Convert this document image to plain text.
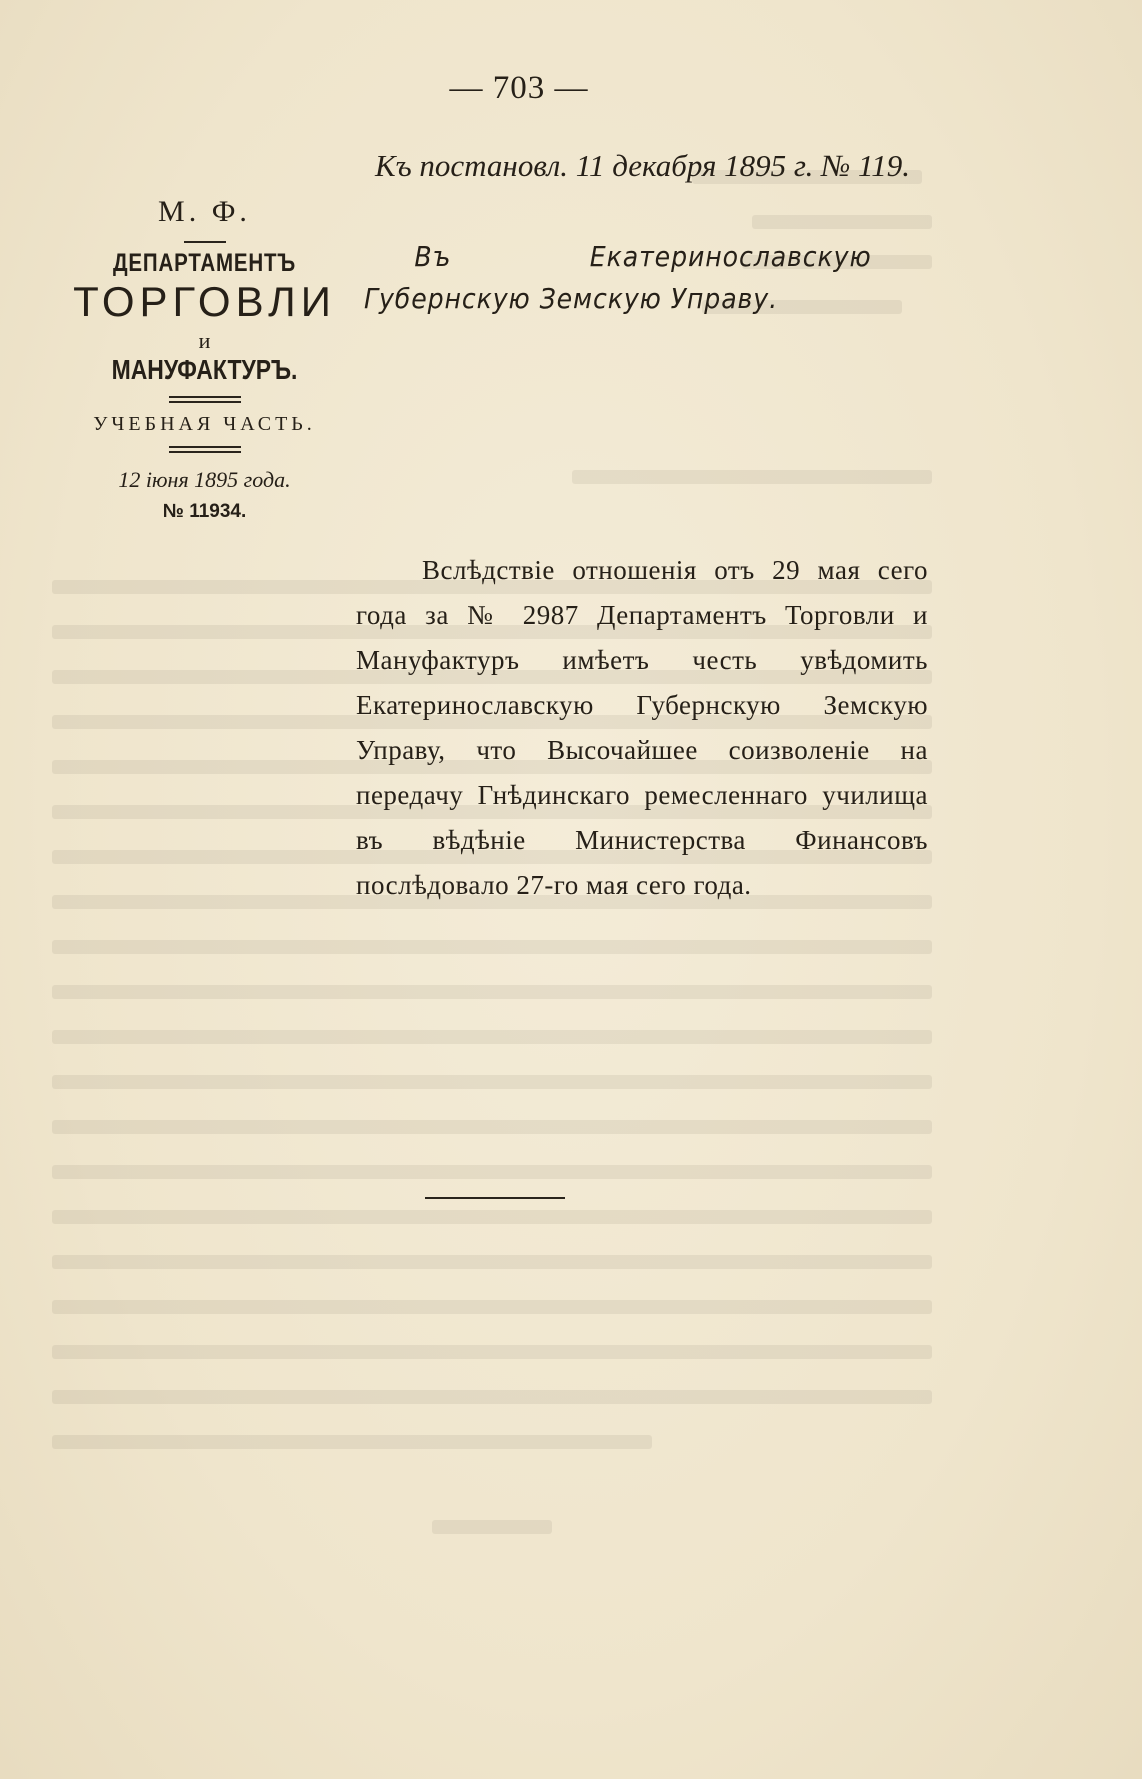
— 703 —
Къ постановл. 11 декабря 1895 г. № 119.

М. Ф.

ДЕПАРТАМЕНТЪ

ТОРГОВЛИ

и

МАНУФАКТУРЪ.

УЧЕБНАЯ ЧАСТЬ.

12 іюня 1895 года.

№ 11934.

Въ Екатеринославскую Губернскую Земскую Управу.

Вслѣдствіе отношенія отъ 29 мая сего года за № 2987 Департаментъ Торговли и Мануфактуръ имѣетъ честь увѣдомить Екатеринославскую Губернскую Земскую Управу, что Высочайшее соизволеніе на передачу Гнѣдинскаго ремесленнаго училища въ вѣдѣніе Министерства Финансовъ послѣдовало 27-го мая сего года.
